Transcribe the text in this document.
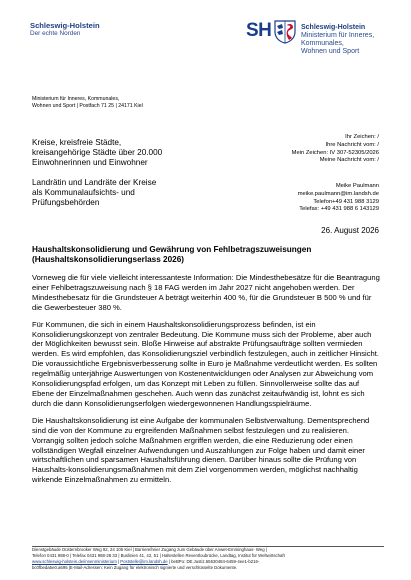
Schleswig-Holstein
Der echte Norden	SH	Schleswig-Holstein
Ministerium für Inneres,
Kommunales,
Wohnen und Sport
Ministerium für Inneres, Kommunales,
Wohnen und Sport | Postfach 71 25 | 24171 Kiel
Ihr Zeichen: /
Ihre Nachricht vom: /
Mein Zeichen: IV 307-52305/2026
Meine Nachricht vom: /
Kreise, kreisfreie Städte,
kreisangehörige Städte über 20.000
Einwohnerinnen und Einwohner
Landrätin und Landräte der Kreise
als Kommunalaufsichts- und
Prüfungsbehörden
Meike Paulmann
meike.paulmann@im.landsh.de
Telefon+49 431 988 3129
Telefax: +49 431 988 6 143129
26. August 2026
Haushaltskonsolidierung und Gewährung von Fehlbetragszuweisungen
(Haushaltskonsolidierungserlass 2026)

Vorneweg die für viele vielleicht interessanteste Information: Die Mindesthebesätze für die Beantragung einer Fehlbetragszuweisung nach § 18 FAG werden im Jahr 2027 nicht angehoben werden. Der Mindesthebesatz für die Grundsteuer A beträgt weiterhin 400 %, für die Grundsteuer B 500 % und für die Gewerbesteuer 380 %.

Für Kommunen, die sich in einem Haushaltskonsolidierungsprozess befinden, ist ein Konsolidierungskonzept von zentraler Bedeutung. Die Kommune muss sich der Probleme, aber auch der Möglichkeiten bewusst sein. Bloße Hinweise auf abstrakte Prüfungsaufträge sollten vermieden werden. Es wird empfohlen, das Konsolidierungsziel verbindlich festzulegen, auch in zeitlicher Hinsicht. Die voraussichtliche Ergebnisverbesserung sollte in Euro je Maßnahme verdeutlicht werden. Es sollten regelmäßig unterjährige Auswertungen von Kostenentwicklungen oder Analysen zur Abweichung vom Konsolidierungspfad erfolgen, um das Konzept mit Leben zu füllen. Sinnvollerweise sollte das auf Ebene der Einzelmaßnahmen geschehen. Auch wenn das zunächst zeitaufwändig ist, lohnt es sich durch die dann Konsolidierungserfolgen wiedergewonnenen Handlungsspielräume.

Die Haushaltskonsolidierung ist eine Aufgabe der kommunalen Selbstverwaltung. Dementsprechend sind die von der Kommune zu ergreifenden Maßnahmen selbst festzulegen und zu realisieren. Vorrangig sollten jedoch solche Maßnahmen ergriffen werden, die eine Reduzierung oder einen vollständigen Wegfall einzelner Aufwendungen und Auszahlungen zur Folge haben und damit einer wirtschaftlichen und sparsamen Haushaltsführung dienen. Darüber hinaus sollte die Prüfung von Haushalts-konsolidierungsmaßnahmen mit dem Ziel vorgenommen werden, möglichst nachhaltig wirkende Einzelmaßnahmen zu ermitteln.

Dienstgebäude Düsternbrooker Weg 92, 24 105 Kiel | Barrierefreier Zugang zum Gebäude über Anwet-Emminghaus- Weg |
Telefon 0431 988-0 | Telefax 0431 988-28 33 | Buslinien 41, 42, 51 | Haltestellen Reventloubrücke, Landtag, Institut für Weltwirtschaft
www.schleswig-holstein.de/innenministerium | Poststelle@im.landsh.de | beBPo: DE.Justiz.65530484-6459-4ee1-b216-
bc0fbeda5e0.a695 |E-Mail-Adressen: Kein Zugang für elektronisch signierte und verschlüsselte Dokumente.
